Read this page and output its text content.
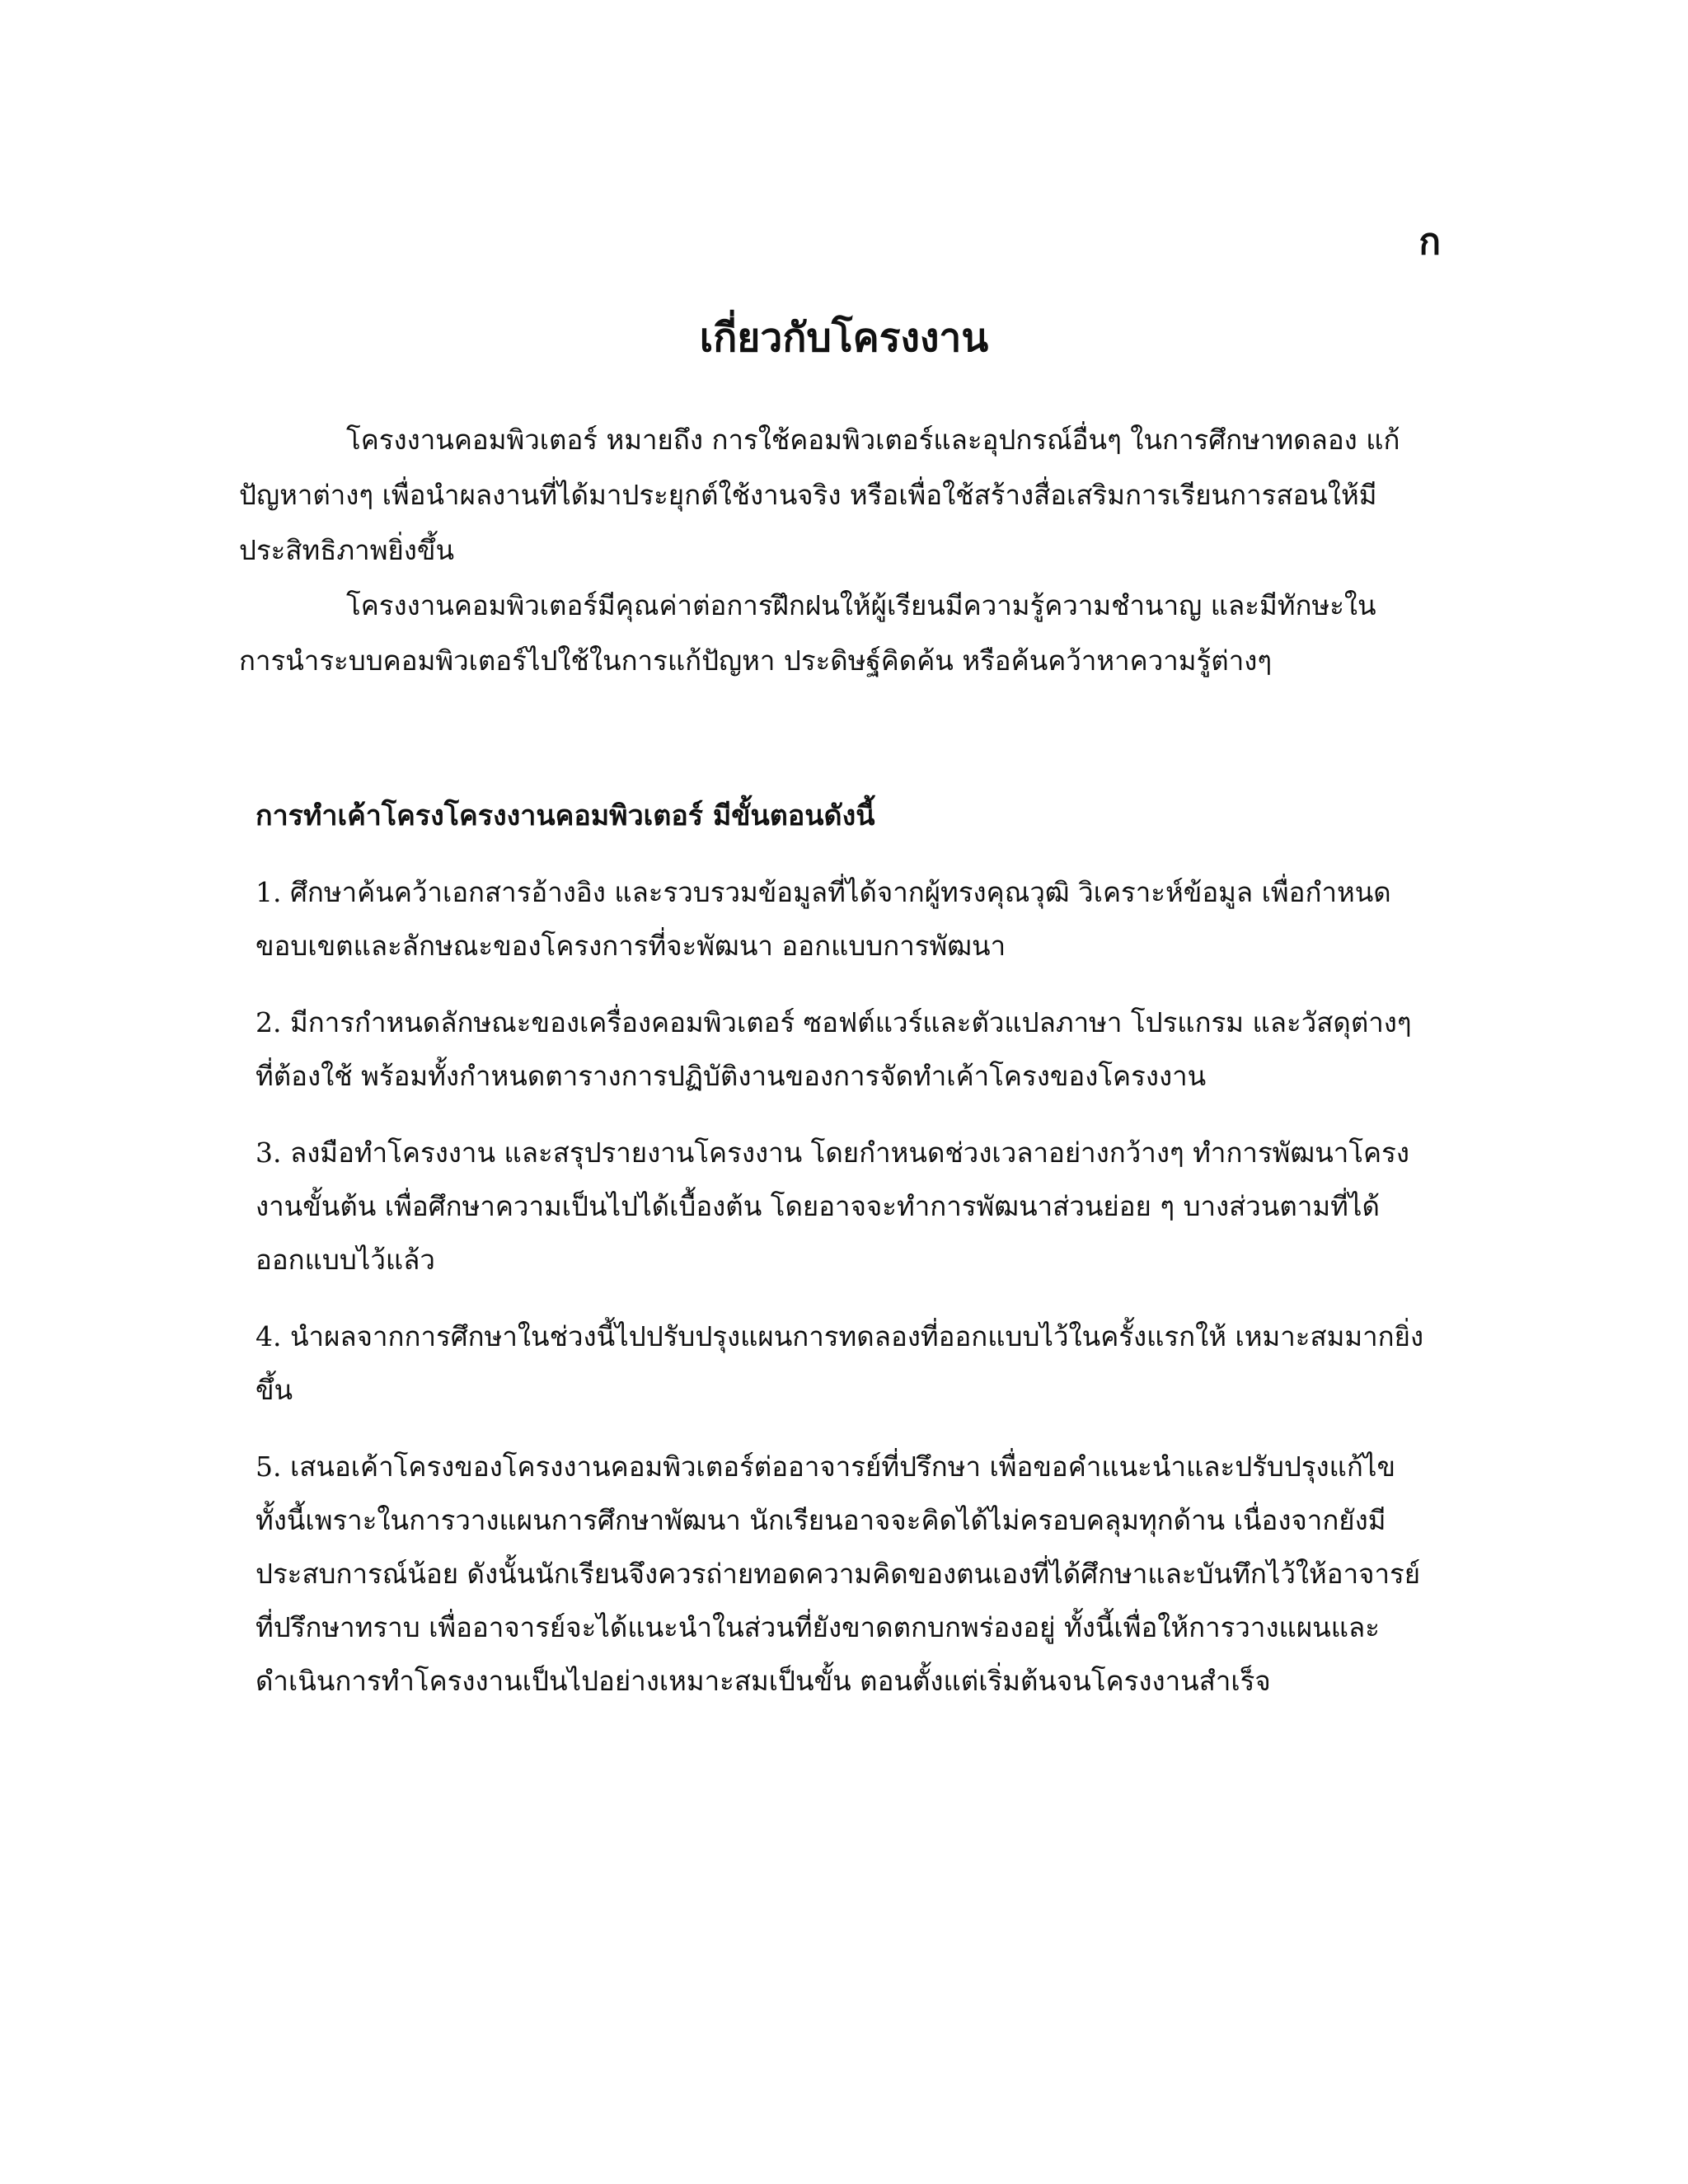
ก
เกี่ยวกับโครงงาน

โครงงานคอมพิวเตอร์ หมายถึง การใช้คอมพิวเตอร์และอุปกรณ์อื่นๆ ในการศึกษาทดลอง แก้ปัญหาต่างๆ เพื่อนำผลงานที่ได้มาประยุกต์ใช้งานจริง หรือเพื่อใช้สร้างสื่อเสริมการเรียนการสอนให้มีประสิทธิภาพยิ่งขึ้น

โครงงานคอมพิวเตอร์มีคุณค่าต่อการฝึกฝนให้ผู้เรียนมีความรู้ความชำนาญ และมีทักษะในการนำระบบคอมพิวเตอร์ไปใช้ในการแก้ปัญหา ประดิษฐ์คิดค้น หรือค้นคว้าหาความรู้ต่างๆ

การทำเค้าโครงโครงงานคอมพิวเตอร์ มีขั้นตอนดังนี้

1. ศึกษาค้นคว้าเอกสารอ้างอิง และรวบรวมข้อมูลที่ได้จากผู้ทรงคุณวุฒิ วิเคราะห์ข้อมูล เพื่อกำหนดขอบเขตและลักษณะของโครงการที่จะพัฒนา ออกแบบการพัฒนา

2. มีการกำหนดลักษณะของเครื่องคอมพิวเตอร์ ซอฟต์แวร์และตัวแปลภาษา โปรแกรม และวัสดุต่างๆ ที่ต้องใช้ พร้อมทั้งกำหนดตารางการปฏิบัติงานของการจัดทำเค้าโครงของโครงงาน

3. ลงมือทำโครงงาน และสรุปรายงานโครงงาน โดยกำหนดช่วงเวลาอย่างกว้างๆ ทำการพัฒนาโครงงานขั้นต้น เพื่อศึกษาความเป็นไปได้เบื้องต้น โดยอาจจะทำการพัฒนาส่วนย่อย ๆ บางส่วนตามที่ได้ออกแบบไว้แล้ว

4. นำผลจากการศึกษาในช่วงนี้ไปปรับปรุงแผนการทดลองที่ออกแบบไว้ในครั้งแรกให้ เหมาะสมมากยิ่งขึ้น

5. เสนอเค้าโครงของโครงงานคอมพิวเตอร์ต่ออาจารย์ที่ปรึกษา เพื่อขอคำแนะนำและปรับปรุงแก้ไข ทั้งนี้เพราะในการวางแผนการศึกษาพัฒนา นักเรียนอาจจะคิดได้ไม่ครอบคลุมทุกด้าน เนื่องจากยังมีประสบการณ์น้อย ดังนั้นนักเรียนจึงควรถ่ายทอดความคิดของตนเองที่ได้ศึกษาและบันทึกไว้ให้อาจารย์ที่ปรึกษาทราบ เพื่ออาจารย์จะได้แนะนำในส่วนที่ยังขาดตกบกพร่องอยู่ ทั้งนี้เพื่อให้การวางแผนและดำเนินการทำโครงงานเป็นไปอย่างเหมาะสมเป็นขั้น ตอนตั้งแต่เริ่มต้นจนโครงงานสำเร็จ
